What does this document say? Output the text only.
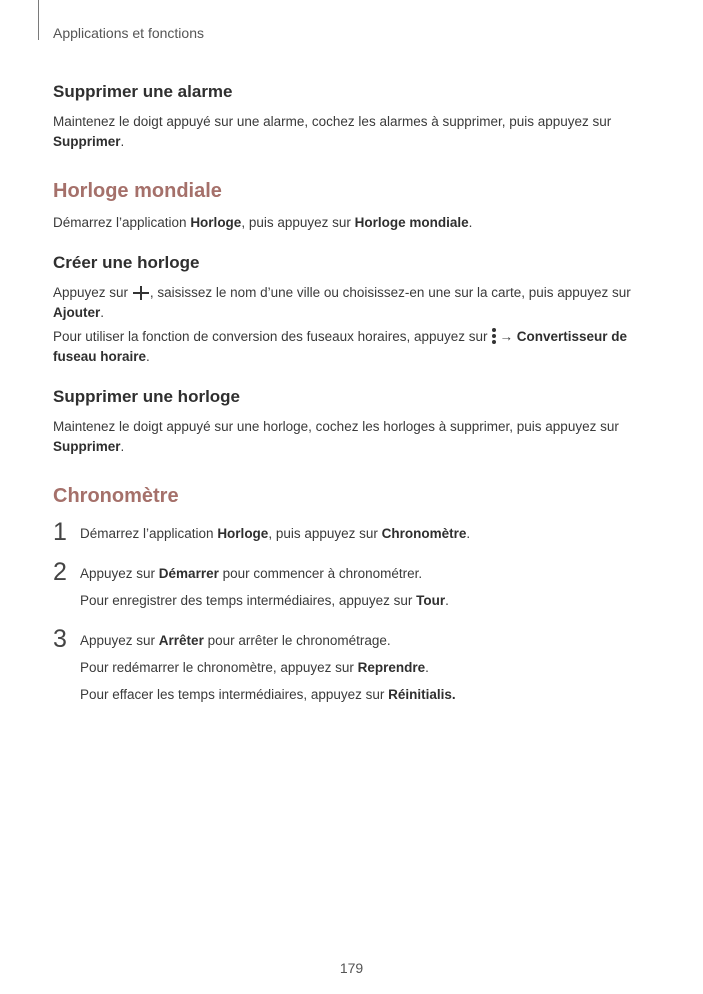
Applications et fonctions
Supprimer une alarme

Maintenez le doigt appuyé sur une alarme, cochez les alarmes à supprimer, puis appuyez sur
Supprimer.

Horloge mondiale

Démarrez l’application Horloge, puis appuyez sur Horloge mondiale.

Créer une horloge

Appuyez sur , saisissez le nom d’une ville ou choisissez-en une sur la carte, puis appuyez sur
Ajouter.

Pour utiliser la fonction de conversion des fuseaux horaires, appuyez sur → Convertisseur de fuseau horaire.

Supprimer une horloge

Maintenez le doigt appuyé sur une horloge, cochez les horloges à supprimer, puis appuyez sur
Supprimer.

Chronomètre
1 Démarrez l’application Horloge, puis appuyez sur Chronomètre.

2 Appuyez sur Démarrer pour commencer à chronométrer.

Pour enregistrer des temps intermédiaires, appuyez sur Tour.

3 Appuyez sur Arrêter pour arrêter le chronométrage.

Pour redémarrer le chronomètre, appuyez sur Reprendre.

Pour effacer les temps intermédiaires, appuyez sur Réinitialis.

179
